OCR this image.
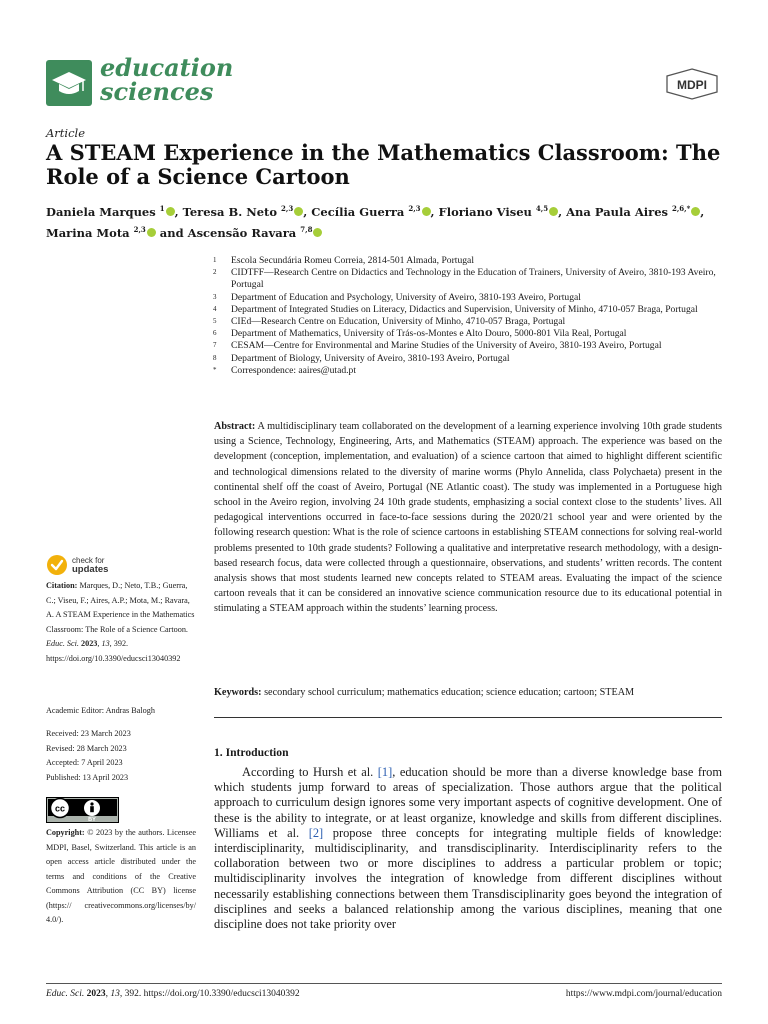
education
sciences	MDPI
Article
A STEAM Experience in the Mathematics Classroom: The Role of a Science Cartoon
Daniela Marques $^1$ , Teresa B. Neto $^{2,3}$ , Cecília Guerra $^{2,3}$ , Floriano Viseu $^{4,5}$ , Ana Paula Aires $^{2,6,*}$ ,
Marina Mota $^{2,3}$ and Ascensão Ravara $^{7,8}$
1	Escola Secundária Romeu Correia, 2814-501 Almada, Portugal
2	CIDTFF—Research Centre on Didactics and Technology in the Education of Trainers, University of Aveiro, 3810-193 Aveiro, Portugal
3	Department of Education and Psychology, University of Aveiro, 3810-193 Aveiro, Portugal
4	Department of Integrated Studies on Literacy, Didactics and Supervision, University of Minho, 4710-057 Braga, Portugal
5	CIEd—Research Centre on Education, University of Minho, 4710-057 Braga, Portugal
6	Department of Mathematics, University of Trás-os-Montes e Alto Douro, 5000-801 Vila Real, Portugal
7	CESAM—Centre for Environmental and Marine Studies of the University of Aveiro, 3810-193 Aveiro, Portugal
8	Department of Biology, University of Aveiro, 3810-193 Aveiro, Portugal
*	Correspondence: aaires@utad.pt
Abstract: A multidisciplinary team collaborated on the development of a learning experience involving 10th grade students using a Science, Technology, Engineering, Arts, and Mathematics (STEAM) approach. The experience was based on the development (conception, implementation, and evaluation) of a science cartoon that aimed to highlight different scientific and technological dimensions related to the diversity of marine worms (Phylo Annelida, class Polychaeta) present in the continental shelf off the coast of Aveiro, Portugal (NE Atlantic coast). The study was implemented in a Portuguese high school in the Aveiro region, involving 24 10th grade students, emphasizing a social context close to the students’ lives. All pedagogical interventions occurred in face-to-face sessions during the 2020/21 school year and were oriented by the following research question: What is the role of science cartoons in establishing STEAM connections for solving real-world problems presented to 10th grade students? Following a qualitative and interpretative research methodology, with a design-based research focus, data were collected through a questionnaire, observations, and students’ written records. The content analysis shows that most students learned new concepts related to STEAM areas. Evaluating the impact of the science cartoon reveals that it can be considered an innovative science communication resource due to its educational potential in stimulating a STEAM approach within the students’ learning process.
Keywords: secondary school curriculum; mathematics education; science education; cartoon; STEAM
check for
updates
Citation: Marques, D.; Neto, T.B.; Guerra, C.; Viseu, F.; Aires, A.P.; Mota, M.; Ravara, A. A STEAM Experience in the Mathematics Classroom: The Role of a Science Cartoon. Educ. Sci. 2023, 13, 392. https://doi.org/10.3390/educsci13040392
Academic Editor: Andras Balogh
Received: 23 March 2023
Revised: 28 March 2023
Accepted: 7 April 2023
Published: 13 April 2023
cc
BY
Copyright: © 2023 by the authors. Licensee MDPI, Basel, Switzerland. This article is an open access article distributed under the terms and conditions of the Creative Commons Attribution (CC BY) license (https:// creativecommons.org/licenses/by/ 4.0/).
1. Introduction
According to Hursh et al. [1], education should be more than a diverse knowledge base from which students jump forward to areas of specialization. Those authors argue that the political approach to curriculum design ignores some very important aspects of cognitive development. One of these is the ability to integrate, or at least organize, knowledge and skills from different disciplines. Williams et al. [2] propose three concepts for integrating multiple fields of knowledge: interdisciplinarity, multidisciplinarity, and transdisciplinarity. Interdisciplinarity refers to the collaboration between two or more disciplines to address a particular problem or topic; multidisciplinarity involves the integration of knowledge from different disciplines without necessarily establishing connections between them Transdisciplinarity goes beyond the integration of disciplines and seeks a balanced relationship among the various disciplines, meaning that one discipline does not take priority over
Educ. Sci. 2023, 13, 392. https://doi.org/10.3390/educsci13040392	https://www.mdpi.com/journal/education
